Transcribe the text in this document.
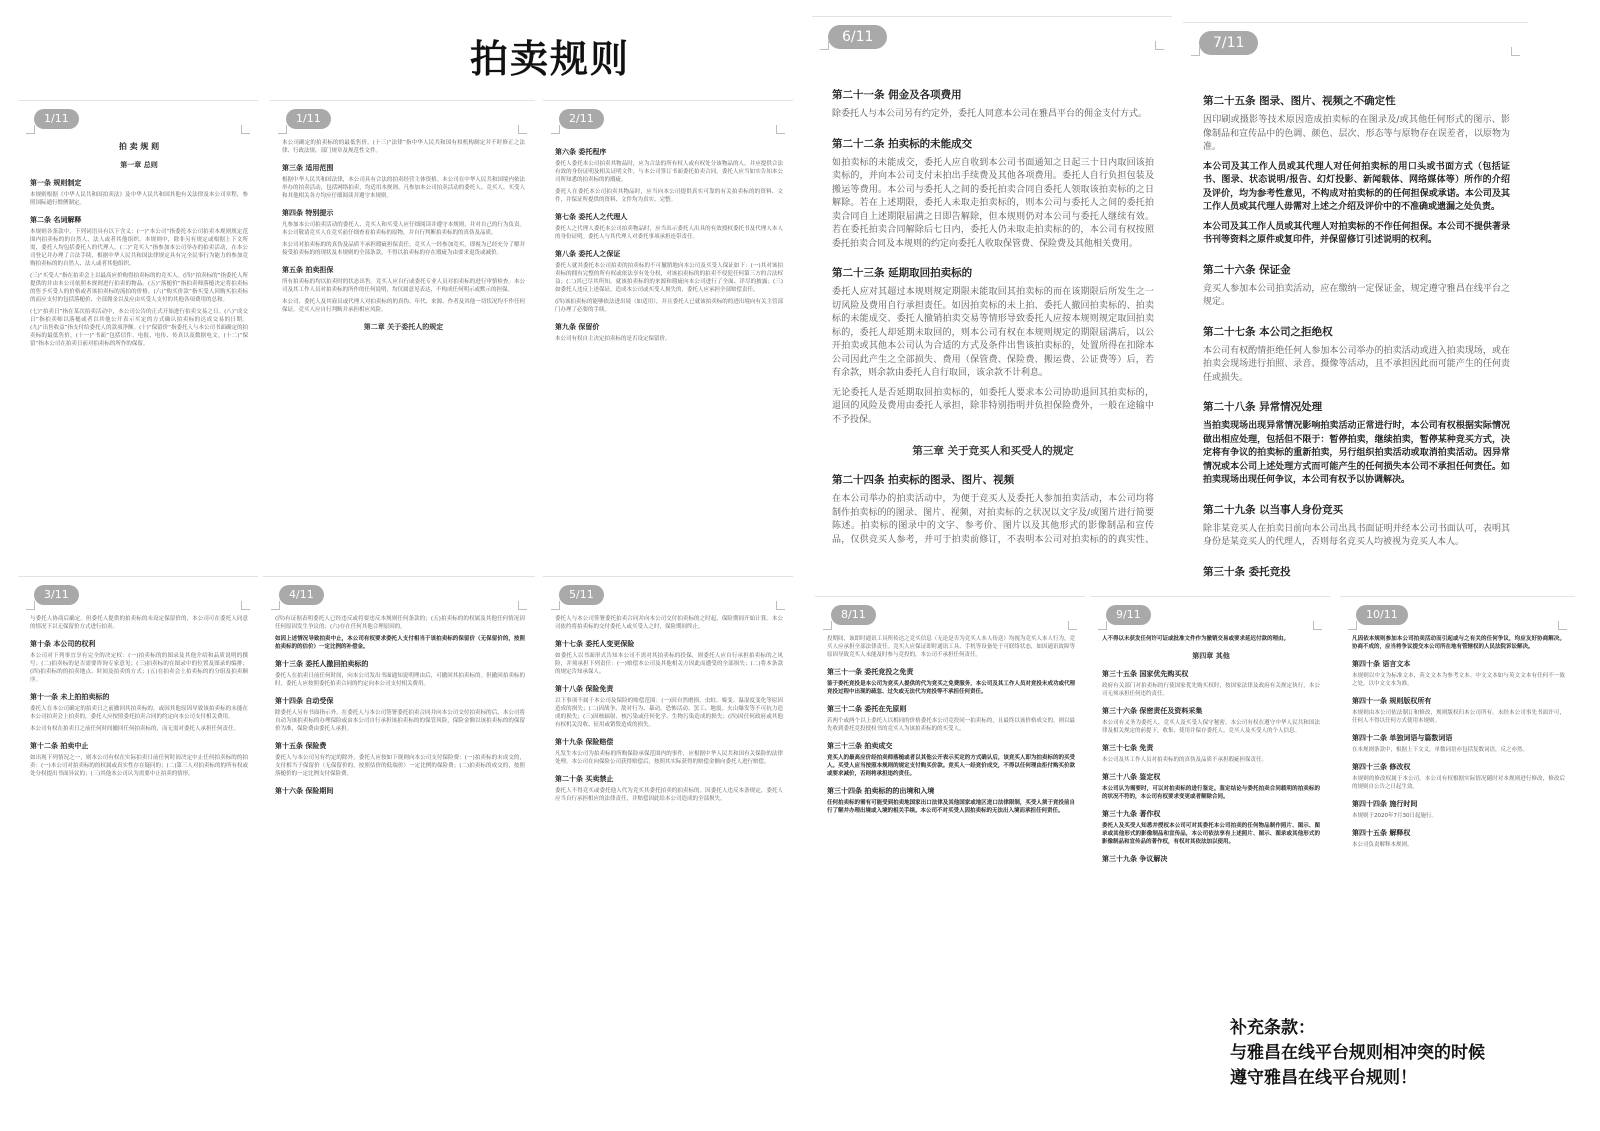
拍卖规则
1/11
拍 卖 规 则
第一章 总则
第一条 规则制定
本规则根据《中华人民共和国拍卖法》及中华人民共和国其他有关法律及本公司章程，参照国际通行惯例制定。
第二条 名词解释
本规则各条款中，下列词语具有以下含义：(一)“本公司”指委托本公司拍卖本规则规定范围内拍卖标的的自然人、法人或者其他组织。本规则中，除非另有规定或根据上下文所需，委托人均包括委托人的代理人。(二)“竞买人”指参加本公司举办的拍卖活动，在本公司登记并办理了合法手续，根据中华人民共和国法律规定具有完全民事行为能力的参加竞购拍卖标的的自然人、法人或者其他组织。
(三)“买受人”指在拍卖会上以最高应价购得拍卖标的的竞买人。(四)“拍卖标的”指委托人所提供的并由本公司依照本规则进行拍卖的物品。(五)“落槌价”指拍卖师落槌决定将拍卖标的售予买受人的价格或者该拍卖标的流拍的价格。(六)“购买价款”指买受人因购买拍卖标的而应支付的包括落槌价、全部佣金以及应由买受人支付的其他各项费用的总和。
(七)“拍卖日”指在某次拍卖活动中，本公司公告的正式开始进行拍卖交易之日。(八)“成交日”指拍卖师以落槌或者以其他公开表示买定的方式确认拍卖标的达成交易的日期。(九)“出售收益”指支付给委托人的款项净额。(十)“保留价”指委托人与本公司书面确定的拍卖标的最低售价。(十一)“书面”包括信件、电报、电传、传真以及数据电文。(十二)“保留”指本公司在拍卖日前对拍卖标的所作的保留。
1/11
本公司确定的拍卖标的的最低售价。(十三)“法律”指中华人民共和国有权机构制定并不时修正之法律、行政法规、部门规章及规范性文件。
第三条 适用范围
根据中华人民共和国法律，本公司具有合法的拍卖经营主体资格。本公司在中华人民共和国境内依法举办的拍卖活动，包括网络拍卖，均适用本规则。凡参加本公司拍卖活动的委托人、竞买人、买受人和其他相关各方均应仔细阅读并遵守本规则。
第四条 特别提示
凡参加本公司拍卖活动的委托人、竞买人和买受人应仔细阅读并遵守本规则，并对自己的行为负责。本公司敬请竞买人在竞买前仔细查看拍卖标的原物，并自行判断拍卖标的的真伪及品质。
本公司对拍卖标的的真伪及品质不承担瑕疵担保责任。竞买人一经参加竞买，即视为已经充分了解并接受拍卖标的的现状及本规则的全部条款，不得以拍卖标的存在瑕疵为由要求退货或减价。
第五条 拍卖担保
所有拍卖标的均以拍卖时的状态出售。竞买人应自行或委托专业人员对拍卖标的进行审慎检查。本公司及其工作人员对拍卖标的所作的任何说明，均仅属意见表达，不构成任何明示或默示的担保。
本公司、委托人及其雇员或代理人对拍卖标的的真伪、年代、来源、作者及其他一切状况均不作任何保证。竞买人应自行判断并承担相应风险。
第二章 关于委托人的规定
2/11
第六条 委托程序
委托人委托本公司拍卖其物品时，应为合法的所有权人或有权处分该物品的人，并应提供合法有效的身份证明及相关证明文件，与本公司签订书面委托拍卖合同。委托人应当如实告知本公司所知悉的拍卖标的的瑕疵。
委托人在委托本公司拍卖其物品时，应当向本公司提供真实可靠的有关拍卖标的的资料、文件，并保证所提供的资料、文件均为真实、完整。
第七条 委托人之代理人
委托人之代理人委托本公司拍卖物品时，应当出示委托人出具的有效授权委托书及代理人本人的身份证明。委托人与其代理人对委托事项承担连带责任。
第八条 委托人之保证
委托人就其委托本公司拍卖的拍卖标的不可撤销地向本公司及买受人保证如下：(一)其对该拍卖标的拥有完整的所有权或依法享有处分权，对该拍卖标的的拍卖不侵犯任何第三方的合法权益；(二)其已尽其所知，就该拍卖标的的来源和瑕疵向本公司进行了全面、详尽的披露；(三)如委托人违反上述保证，造成本公司或买受人损失的，委托人应承担全部赔偿责任。
(四)该拍卖标的能够依法进出境（如适用），并且委托人已就该拍卖标的的进出境向有关主管部门办理了必要的手续。
第九条 保留价
本公司有权自主决定拍卖标的是否设定保留价。
3/11
与委托人协商后确定。但委托人提供的拍卖标的未设定保留价的，本公司可在委托人同意的情况下以无保留价方式进行拍卖。
第十条 本公司的权利
本公司对下列事宜享有完全的决定权：(一)拍卖标的的图录及其他介绍和品质说明的撰写；(二)拍卖标的是否需要咨询专家意见；(三)拍卖标的在图录中的位置及图录的编排；(四)拍卖标的的拍卖地点、时间及拍卖的方式；(五)在拍卖会上拍卖标的的分组及拍卖顺序。
第十一条 未上拍拍卖标的
委托人在本公司确定的拍卖日之前撤回其拍卖标的，或因其他原因导致该拍卖标的未能在本公司拍卖会上拍卖的，委托人应按照委托拍卖合同的约定向本公司支付相关费用。
本公司有权在拍卖日之前任何时间撤回任何拍卖标的，而无需对委托人承担任何责任。
第十二条 拍卖中止
如出现下列情况之一，则本公司有权在实际拍卖日前任何时间决定中止任何拍卖标的的拍卖：(一)本公司对拍卖标的的权属或真实性存在疑问的；(二)第三人对拍卖标的的所有权或处分权提出书面异议的；(三)其他本公司认为需要中止拍卖的情形。
4/11
(四)有证据表明委托人已经违反或将要违反本规则任何条款的；(五)拍卖标的的权属及其他任何情况因任何原因发生争议的；(六)存在任何其他合理原因的。
如因上述情况导致拍卖中止，本公司有权要求委托人支付相当于该拍卖标的保留价（无保留价的，按照拍卖标的的估价）一定比例的补偿金。
第十三条 委托人撤回拍卖标的
委托人在拍卖日前任何时间，向本公司发出书面通知说明理由后，可撤回其拍卖标的。但撤回拍卖标的时，委托人应按照委托拍卖合同的约定向本公司支付相关费用。
第十四条 自动受保
除委托人另有书面指示外，在委托人与本公司签署委托拍卖合同并向本公司交付拍卖标的后，本公司将自动为该拍卖标的办理保险或由本公司自行承担该拍卖标的的保管风险，保险金额以该拍卖标的的保留价为准，保险费由委托人承担。
第十五条 保险费
委托人与本公司另有约定的除外，委托人应按如下规则向本公司支付保险费：(一)拍卖标的未成交的，支付相当于保留价（无保留价的，按照估价的低端价）一定比例的保险费；(二)拍卖标的成交的，按照落槌价的一定比例支付保险费。
第十六条 保险期间
6/11
第二十一条 佣金及各项费用
除委托人与本公司另有约定外，委托人同意本公司在雅昌平台的佣金支付方式。
第二十二条 拍卖标的未能成交
如拍卖标的未能成交，委托人应自收到本公司书面通知之日起三十日内取回该拍卖标的，并向本公司支付未拍出手续费及其他各项费用。委托人自行负担包装及搬运等费用。本公司与委托人之间的委托拍卖合同自委托人领取该拍卖标的之日解除。若在上述期限，委托人未取走拍卖标的，则本公司与委托人之间的委托拍卖合同自上述期限届满之日即告解除，但本规则仍对本公司与委托人继续有效。若在委托拍卖合同解除后七日内，委托人仍未取走拍卖标的的，本公司有权按照委托拍卖合同及本规则的约定向委托人收取保管费、保险费及其他相关费用。
第二十三条 延期取回拍卖标的
委托人应对其超过本规则规定期限未能取回其拍卖标的而在该期限后所发生之一切风险及费用自行承担责任。如因拍卖标的未上拍、委托人撤回拍卖标的、拍卖标的未能成交、委托人撤销拍卖交易等情形导致委托人应按本规则规定取回拍卖标的，委托人却延期未取回的，则本公司有权在本规则规定的期限届满后，以公开拍卖或其他本公司认为合适的方式及条件出售该拍卖标的，处置所得在扣除本公司因此产生之全部损失、费用（保管费、保险费、搬运费、公证费等）后，若有余款，则余款由委托人自行取回，该余款不计利息。
无论委托人是否延期取回拍卖标的，如委托人要求本公司协助退回其拍卖标的，退回的风险及费用由委托人承担，除非特别指明并负担保险费外，一般在途输中不予投保。
第三章 关于竞买人和买受人的规定
第二十四条 拍卖标的图录、图片、视频
在本公司举办的拍卖活动中，为便于竞买人及委托人参加拍卖活动，本公司均将制作拍卖标的的图录、图片、视频，对拍卖标的之状况以文字及/或图片进行简要陈述。拍卖标的图录中的文字、参考价、图片以及其他形式的影像制品和宣传品，仅供竞买人参考，并可于拍卖前修订，不表明本公司对拍卖标的的真实性、
5/11
委托人与本公司签署委托拍卖合同并向本公司交付拍卖标的之时起，保险期间开始计算。本公司依约将拍卖标的交付委托人或买受人之时，保险期间终止。
第十七条 委托人变更保险
如委托人以书面形式告知本公司不需对其拍卖标的投保，则委托人应自行承担拍卖标的之风险，并须承担下列责任：(一)赔偿本公司及其他相关方因此而遭受的全部损失；(二)将本条款的规定告知承保人。
第十八条 保险免责
以下事项不属于本公司及保险的赔偿范围：(一)因自然磨损、虫蛀、霉变、温湿度变化等原因造成的损失；(二)因战争、敌对行为、暴动、恐怖活动、罢工、地震、火山爆发等不可抗力造成的损失；(三)因核辐射、核污染或任何化学、生物污染造成的损失；(四)因任何政府或其他有权机关没收、征用或销毁造成的损失。
第十九条 保险赔偿
凡发生本公司为拍卖标的所购保险承保范围内的事件，应根据中华人民共和国有关保险的法律处理。本公司在向保险公司获得赔偿后，按照其实际获得的赔偿金额向委托人进行赔偿。
第二十条 买卖禁止
委托人不得竞买或委托他人代为竞买其委托拍卖的拍卖标的。因委托人违反本条规定，委托人应当自行承担相应的法律责任，并赔偿因此给本公司造成的全部损失。
7/11
第二十五条 图录、图片、视频之不确定性
因印刷或摄影等技术原因造成拍卖标的在图录及/或其他任何形式的图示、影像制品和宣传品中的色调、颜色、层次、形态等与原物存在误差者，以原物为准。
本公司及其工作人员或其代理人对任何拍卖标的用口头或书面方式（包括证书、图录、状态说明/报告、幻灯投影、新闻载体、网络媒体等）所作的介绍及评价，均为参考性意见，不构成对拍卖标的的任何担保或承诺。本公司及其工作人员或其代理人毋需对上述之介绍及评价中的不准确或遗漏之处负责。
本公司及其工作人员或其代理人对拍卖标的不作任何担保。本公司不提供著录书刊等资料之原件或复印件，并保留修订引述说明的权利。
第二十六条 保证金
竞买人参加本公司拍卖活动，应在缴纳一定保证金，规定遵守雅昌在线平台之规定。
第二十七条 本公司之拒绝权
本公司有权酌情拒绝任何人参加本公司举办的拍卖活动或进入拍卖现场，或在拍卖会现场进行拍照、录音、摄像等活动，且不承担因此而可能产生的任何责任或损失。
第二十八条 异常情况处理
当拍卖现场出现异常情况影响拍卖活动正常进行时，本公司有权根据实际情况做出相应处理，包括但不限于：暂停拍卖，继续拍卖，暂停某种竞买方式，决定将有争议的拍卖标的重新拍卖，另行组织拍卖活动或取消拍卖活动。因异常情况或本公司上述处理方式而可能产生的任何损失本公司不承担任何责任。如拍卖现场出现任何争议，本公司有权予以协调解决。
第二十九条 以当事人身份竞买
除非某竞买人在拍卖日前向本公司出具书面证明并经本公司书面认可，表明其身份是某竞买人的代理人，否则每名竞买人均被视为竞买人本人。
第三十条 委托竞投
8/11
投期间，该即时通讯工具所传达之竞买信息（无论是否为竞买人本人传送）均视为竞买人本人行为，竞买人应承担全部法律责任。竞买人应保证即时通讯工具、手机等设备处于可联络状态，如因通讯故障等原因导致竞买人未能及时参与竞投的，本公司不承担任何责任。
第三十一条 委托竞投之免责
鉴于委托竞投是本公司为竞买人提供的代为竞买之免费服务，本公司及其工作人员对竞投未成功或代理竞投过程中出现的疏忽、过失或无法代为竞投等不承担任何责任。
第三十二条 委托在先原则
若两个或两个以上委托人以相同的价格委托本公司竞投同一拍卖标的，且最终以该价格成交的，则以最先收到委托竞投授权书的竞买人为该拍卖标的的买受人。
第三十三条 拍卖成交
竞买人的最高应价经拍卖师落槌或者以其他公开表示买定的方式确认后，该竞买人即为拍卖标的的买受人。买受人应当按照本规则的规定支付购买价款。竞买人一经竞价成交，不得以任何理由拒付购买价款或要求减价，否则将承担违约责任。
第三十四条 拍卖标的的出境和入境
任何拍卖标的需有可能受到拍卖地国家出口法律及其他国家或地区进口法律限制，买受人须于竞投前自行了解并办理出境或入境的相关手续。本公司不对买受人因拍卖标的无法出入境而承担任何责任。
9/11
人不得以未获发任何许可证或批准文件作为撤销交易或要求延迟付款的理由。
第四章 其他
第三十五条 国家优先购买权
政府有关部门对拍卖标的行使国家优先购买权时，按国家法律及政府有关规定执行，本公司无须承担任何违约责任。
第三十六条 保密责任及资料采集
本公司有义务为委托人、竞买人及买受人保守秘密。本公司有权在遵守中华人民共和国法律及相关规定的前提下，收集、使用并保存委托人、竞买人及买受人的个人信息。
第三十七条 免责
本公司及其工作人员对拍卖标的的真伪及品质不承担瑕疵担保责任。
第三十八条 鉴定权
本公司认为需要时，可以对拍卖标的进行鉴定。鉴定结论与委托拍卖合同载明的拍卖标的的状况不符的，本公司有权要求变更或者解除合同。
第三十九条 著作权
委托人及买受人知悉并授权本公司可对其委托本公司拍卖的任何物品制作照片、图示、图录或其他形式的影像制品和宣传品，本公司依法享有上述照片、图示、图录或其他形式的影像制品和宣传品的著作权，有权对其依法加以使用。
第三十九条 争议解决
10/11
凡因依本规则参加本公司拍卖活动而引起或与之有关的任何争议，均应友好协商解决。协商不成的，应当将争议提交本公司所在地有管辖权的人民法院诉讼解决。
第四十条 语言文本
本规则以中文为标准文本，英文文本为参考文本。中文文本如与英文文本有任何不一致之处，以中文文本为准。
第四十一条 规则版权所有
本规则由本公司依法制订和修改，规则版权归本公司所有。未经本公司事先书面许可，任何人不得以任何方式使用本规则。
第四十二条 单独词语与篇数词语
在本规则条款中，根据上下文义，单数词语亦包括复数词语，反之亦然。
第四十三条 修改权
本规则的修改权属于本公司。本公司有权根据实际情况随时对本规则进行修改，修改后的规则自公告之日起生效。
第四十四条 施行时间
本规则于2020年7月30日起施行。
第四十五条 解释权
本公司负责解释本规则。
补充条款：
与雅昌在线平台规则相冲突的时候
遵守雅昌在线平台规则！
